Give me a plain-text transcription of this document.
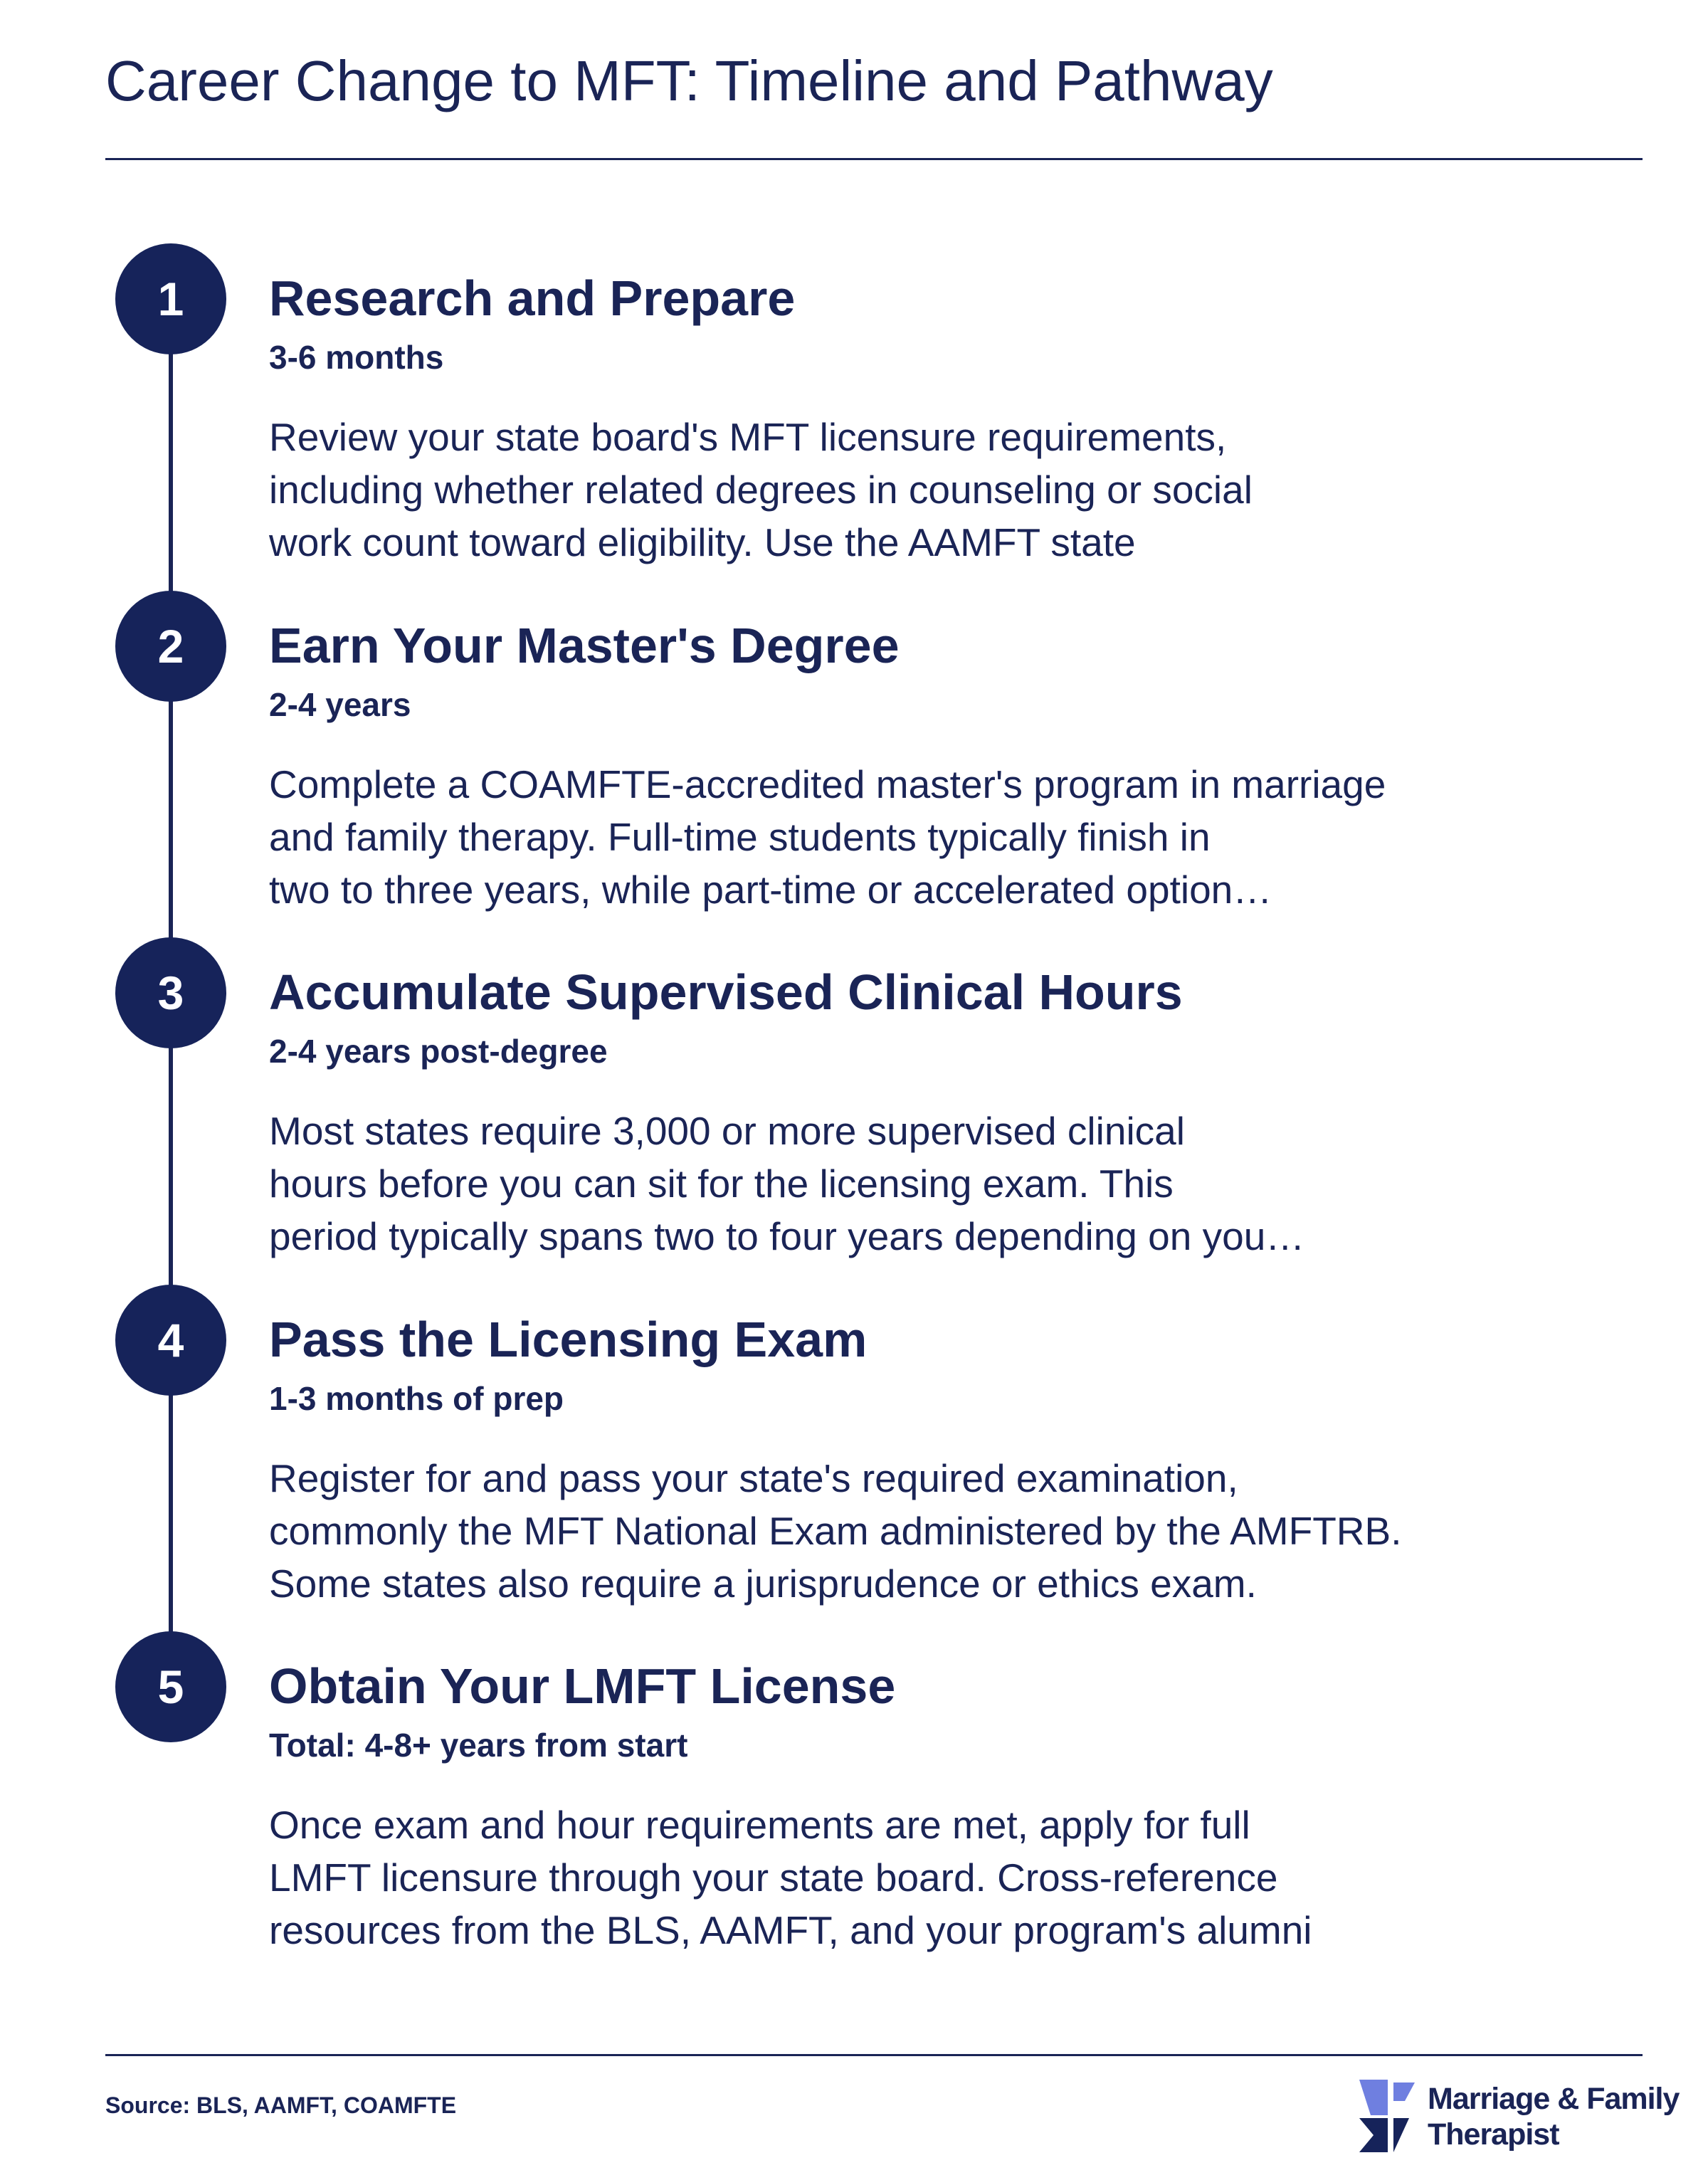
Career Change to MFT: Timeline and Pathway
1	Research and Prepare
3-6 months
Review your state board's MFT licensure requirements,
including whether related degrees in counseling or social
work count toward eligibility. Use the AAMFT state
2	Earn Your Master's Degree
2-4 years
Complete a COAMFTE-accredited master's program in marriage
and family therapy. Full-time students typically finish in
two to three years, while part-time or accelerated option…
3	Accumulate Supervised Clinical Hours
2-4 years post-degree
Most states require 3,000 or more supervised clinical
hours before you can sit for the licensing exam. This
period typically spans two to four years depending on you…
4	Pass the Licensing Exam
1-3 months of prep
Register for and pass your state's required examination,
commonly the MFT National Exam administered by the AMFTRB.
Some states also require a jurisprudence or ethics exam.
5	Obtain Your LMFT License
Total: 4-8+ years from start
Once exam and hour requirements are met, apply for full
LMFT licensure through your state board. Cross-reference
resources from the BLS, AAMFT, and your program's alumni
Source: BLS, AAMFT, COAMFTE	Marriage & Family
Therapist
